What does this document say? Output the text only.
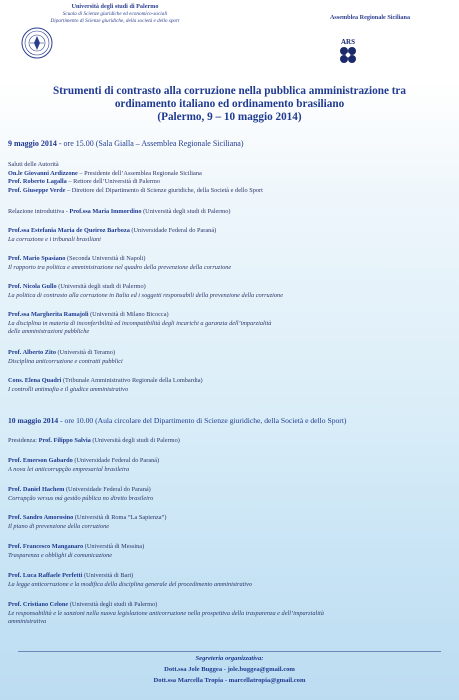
Università degli studi di Palermo
Scuola di Scienze giuridiche ed economico-sociali
Dipartimento di Scienze giuridiche, della società e dello sport	Assemblea Regionale Siciliana
ARS
Strumenti di contrasto alla corruzione nella pubblica amministrazione tra
ordinamento italiano ed ordinamento brasiliano
(Palermo, 9 – 10 maggio 2014)
9 maggio 2014 - ore 15.00 (Sala Gialla – Assemblea Regionale Siciliana)
Saluti delle Autorità
On.le Giovanni Ardizzone – Presidente dell’Assemblea Regionale Siciliana
Prof. Roberto Lagalla – Rettore dell’Università di Palermo
Prof. Giuseppe Verde – Direttore del Dipartimento di Scienze giuridiche, della Società e dello Sport
Relazione introduttiva - Prof.ssa Maria Immordino (Università degli studi di Palermo)
Prof.ssa Estefania Maria de Queiroz Barboza (Universidade Federal do Paraná)
La corruzione e i tribunali brasiliani
Prof. Mario Spasiano (Seconda Università di Napoli)
Il rapporto tra politica e amministrazione nel quadro della prevenzione della corruzione
Prof. Nicola Gullo (Università degli studi di Palermo)
La politica di contrasto alla corruzione in Italia ed i soggetti responsabili della prevenzione della corruzione
Prof.ssa Margherita Ramajoli (Università di Milano Bicocca)
La disciplina in materia di inconferibilità ed incompatibilità degli incarichi a garanzia dell’imparzialità
delle amministrazioni pubbliche
Prof. Alberto Zito (Università di Teramo)
Disciplina anticorruzione e contratti pubblici
Cons. Elena Quadri (Tribunale Amministrativo Regionale della Lombardia)
I controlli antimafia e il giudice amministrativo
10 maggio 2014 - ore 10.00 (Aula circolare del Dipartimento di Scienze giuridiche, della Società e dello Sport)
Presidenza: Prof. Filippo Salvia (Università degli studi di Palermo)
Prof. Emerson Gabardo (Universidade Federal do Paraná)
A nova lei anticorrupção empresarial brasileira
Prof. Daniel Hachem (Universidade Federal do Paraná)
Corrupção versus má gestão pública no direito brasileiro
Prof. Sandro Amorosino (Università di Roma “La Sapienza”)
Il piano di prevenzione della corruzione
Prof. Francesco Manganaro (Università di Messina)
Trasparenza e obblighi di comunicazione
Prof. Luca Raffaele Perfetti (Università di Bari)
La legge anticorruzione e la modifica della disciplina generale del procedimento amministrativo
Prof. Cristiano Celone (Università degli studi di Palermo)
Le responsabilità e le sanzioni nella nuova legislazione anticorruzione nella prospettiva della trasparenza e dell’imparzialità
amministrativa
Segreteria organizzativa:
Dott.ssa Jole Buggea - jole.buggea@gmail.com
Dott.ssa Marcella Tropia - marcellatropia@gmail.com
